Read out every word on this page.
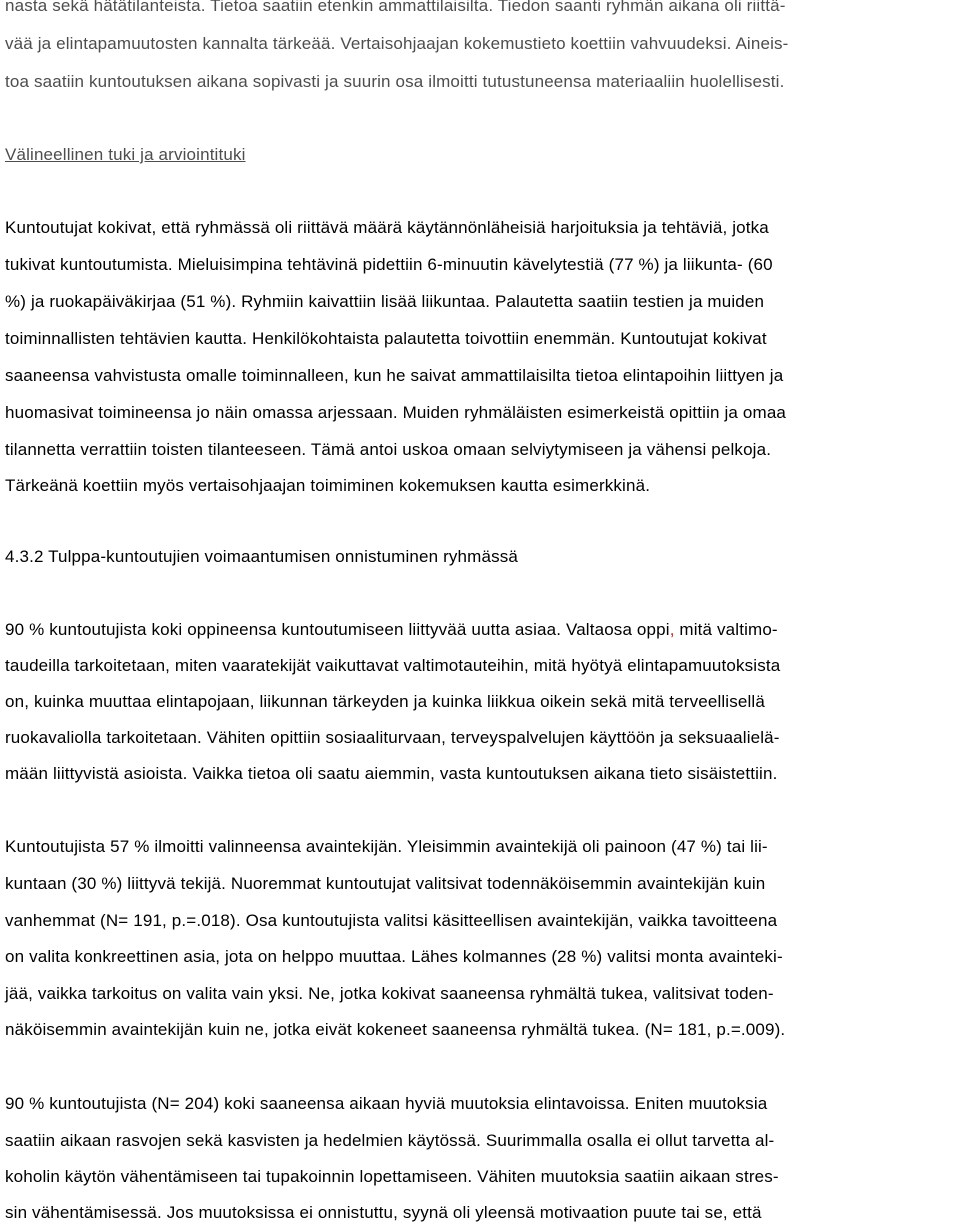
nasta sekä hätätilanteista. Tietoa saatiin etenkin ammattilaisilta. Tiedon saanti ryhmän aikana oli riittä-
vää ja elintapamuutosten kannalta tärkeää. Vertaisohjaajan kokemustieto koettiin vahvuudeksi. Aineis-
toa saatiin kuntoutuksen aikana sopivasti ja suurin osa ilmoitti tutustuneensa materiaaliin huolellisesti.
Välineellinen tuki ja arviointituki
Kuntoutujat kokivat, että ryhmässä oli riittävä määrä käytännönläheisiä harjoituksia ja tehtäviä, jotka
tukivat kuntoutumista. Mieluisimpina tehtävinä pidettiin 6-minuutin kävelytestiä (77 %) ja liikunta- (60
%) ja ruokapäiväkirjaa (51 %). Ryhmiin kaivattiin lisää liikuntaa. Palautetta saatiin testien ja muiden
toiminnallisten tehtävien kautta. Henkilökohtaista palautetta toivottiin enemmän. Kuntoutujat kokivat
saaneensa vahvistusta omalle toiminnalleen, kun he saivat ammattilaisilta tietoa elintapoihin liittyen ja
huomasivat toimineensa jo näin omassa arjessaan. Muiden ryhmäläisten esimerkeistä opittiin ja omaa
tilannetta verrattiin toisten tilanteeseen. Tämä antoi uskoa omaan selviytymiseen ja vähensi pelkoja.
Tärkeänä koettiin myös vertaisohjaajan toimiminen kokemuksen kautta esimerkkinä.
4.3.2 Tulppa-kuntoutujien voimaantumisen onnistuminen ryhmässä
90 % kuntoutujista koki oppineensa kuntoutumiseen liittyvää uutta asiaa. Valtaosa oppi, mitä valtimo-
taudeilla tarkoitetaan, miten vaaratekijät vaikuttavat valtimotauteihin, mitä hyötyä elintapamuutoksista
on, kuinka muuttaa elintapojaan, liikunnan tärkeyden ja kuinka liikkua oikein sekä mitä terveellisellä
ruokavaliolla tarkoitetaan. Vähiten opittiin sosiaaliturvaan, terveyspalvelujen käyttöön ja seksuaalielä-
mään liittyvistä asioista. Vaikka tietoa oli saatu aiemmin, vasta kuntoutuksen aikana tieto sisäistettiin.
Kuntoutujista 57 % ilmoitti valinneensa avaintekijän. Yleisimmin avaintekijä oli painoon (47 %) tai lii-
kuntaan (30 %) liittyvä tekijä. Nuoremmat kuntoutujat valitsivat todennäköisemmin avaintekijän kuin
vanhemmat (N= 191, p.=.018). Osa kuntoutujista valitsi käsitteellisen avaintekijän, vaikka tavoitteena
on valita konkreettinen asia, jota on helppo muuttaa. Lähes kolmannes (28 %) valitsi monta avainteki-
jää, vaikka tarkoitus on valita vain yksi. Ne, jotka kokivat saaneensa ryhmältä tukea, valitsivat toden-
näköisemmin avaintekijän kuin ne, jotka eivät kokeneet saaneensa ryhmältä tukea. (N= 181, p.=.009).
90 % kuntoutujista (N= 204) koki saaneensa aikaan hyviä muutoksia elintavoissa. Eniten muutoksia
saatiin aikaan rasvojen sekä kasvisten ja hedelmien käytössä. Suurimmalla osalla ei ollut tarvetta al-
koholin käytön vähentämiseen tai tupakoinnin lopettamiseen. Vähiten muutoksia saatiin aikaan stres-
sin vähentämisessä. Jos muutoksissa ei onnistuttu, syynä oli yleensä motivaation puute tai se, että
